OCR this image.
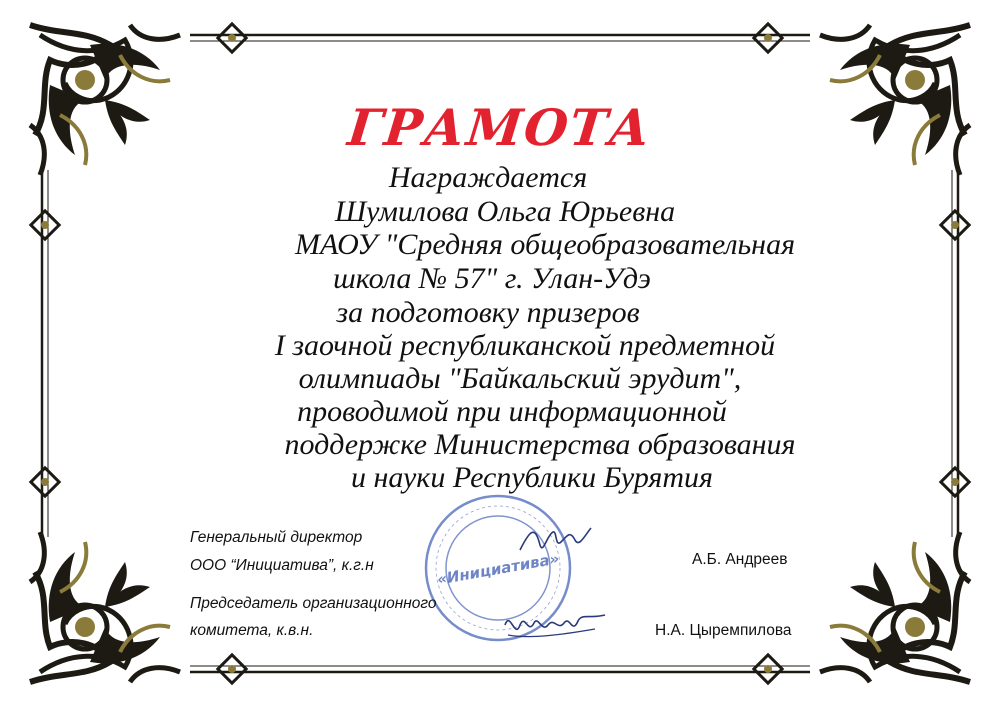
ГРАМОТА

Награждается

Шумилова Ольга Юрьевна

МАОУ "Средняя общеобразовательная

школа № 57" г. Улан-Удэ

за подготовку призеров

I заочной республиканской предметной

олимпиады "Байкальский эрудит",

проводимой при информационной

поддержке Министерства образования

и науки Республики Бурятия

«Инициатива»
Генеральный директор
ООО “Инициатива”, к.г.н	А.Б. Андреев
Председатель организационного
комитета, к.в.н.	Н.А. Цыремпилова
